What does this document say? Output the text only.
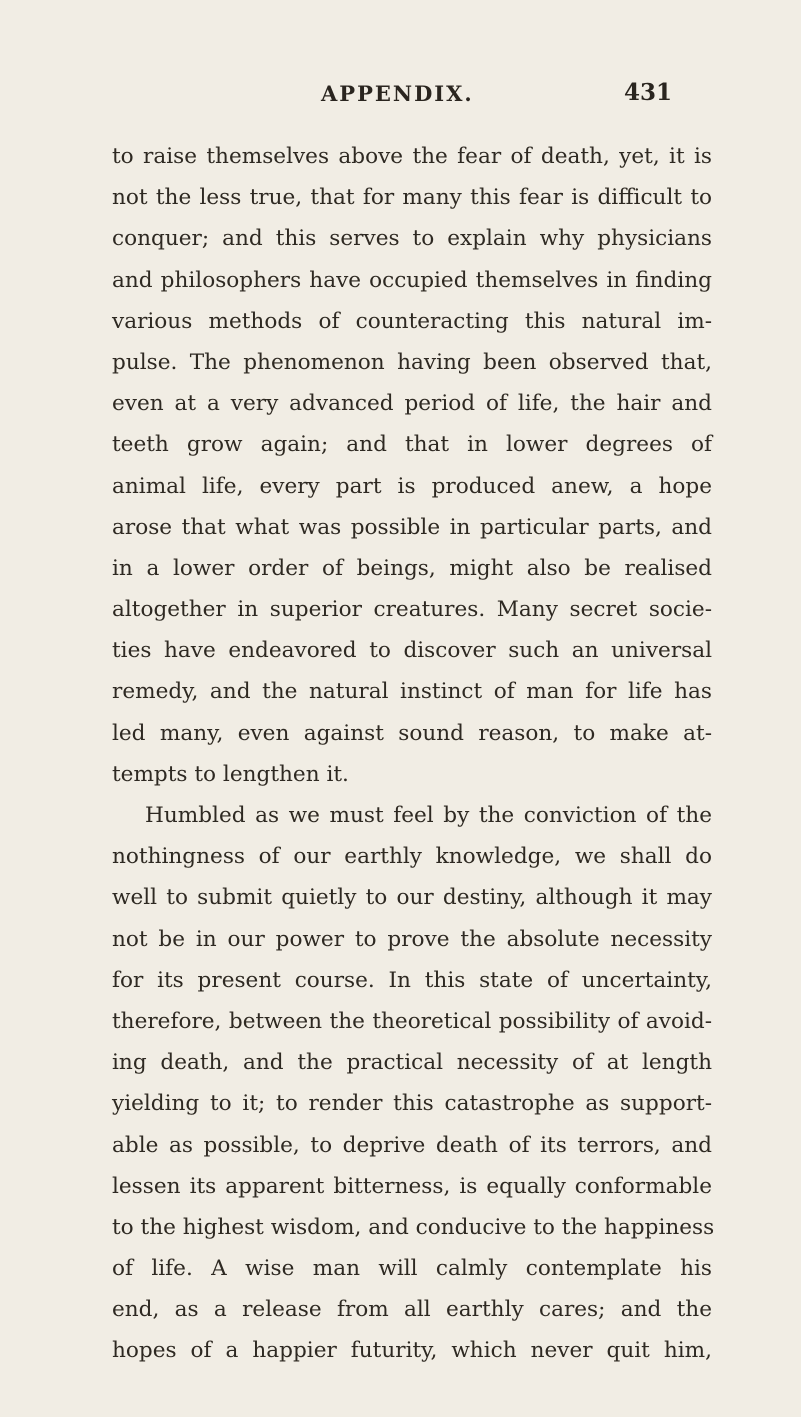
APPENDIX.	431
to raise themselves above the fear of death, yet, it is
not the less true, that for many this fear is difficult to
conquer; and this serves to explain why physicians
and philosophers have occupied themselves in finding
various methods of counteracting this natural im-
pulse. The phenomenon having been observed that,
even at a very advanced period of life, the hair and
teeth grow again; and that in lower degrees of
animal life, every part is produced anew, a hope
arose that what was possible in particular parts, and
in a lower order of beings, might also be realised
altogether in superior creatures. Many secret socie-
ties have endeavored to discover such an universal
remedy, and the natural instinct of man for life has
led many, even against sound reason, to make at-
tempts to lengthen it.
Humbled as we must feel by the conviction of the
nothingness of our earthly knowledge, we shall do
well to submit quietly to our destiny, although it may
not be in our power to prove the absolute necessity
for its present course. In this state of uncertainty,
therefore, between the theoretical possibility of avoid-
ing death, and the practical necessity of at length
yielding to it; to render this catastrophe as support-
able as possible, to deprive death of its terrors, and
lessen its apparent bitterness, is equally conformable
to the highest wisdom, and conducive to the happiness
of life. A wise man will calmly contemplate his
end, as a release from all earthly cares; and the
hopes of a happier futurity, which never quit him,
